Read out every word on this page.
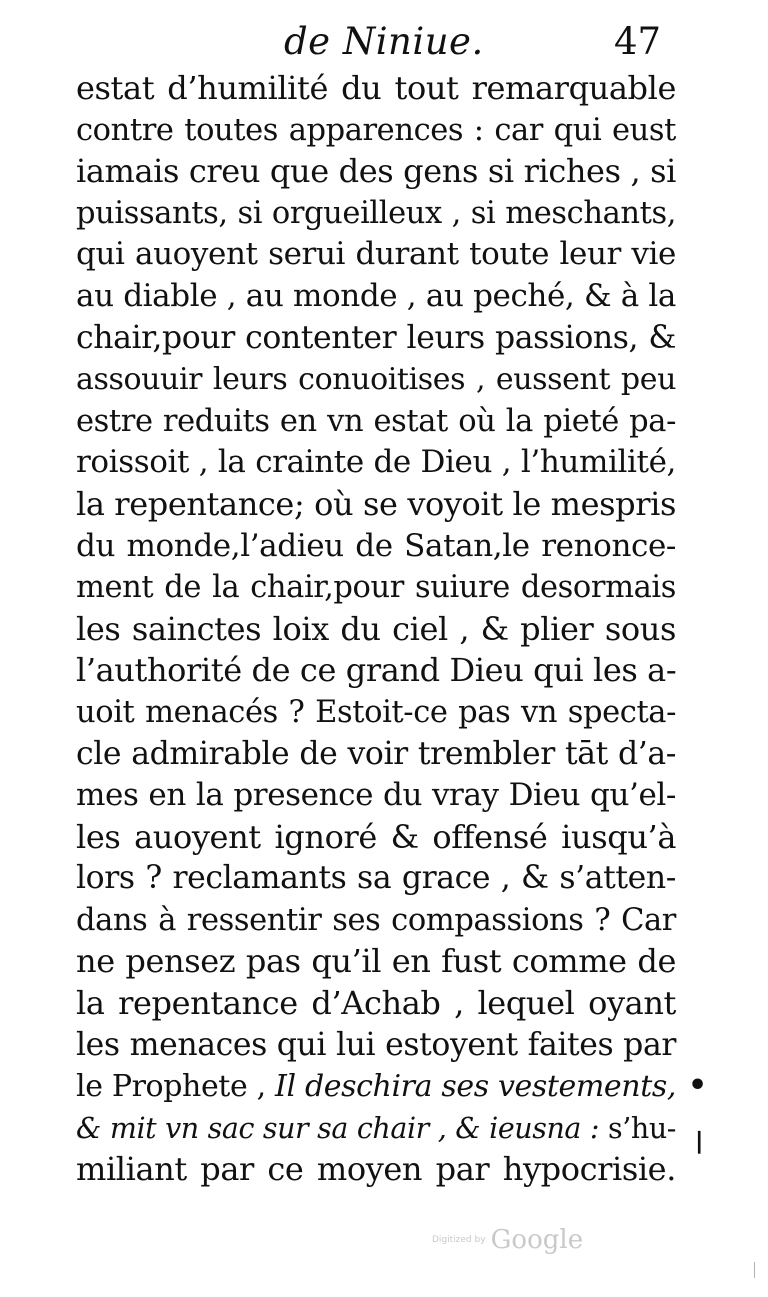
de Niniue.	47
estat d’humilité du tout remarquable
contre toutes apparences : car qui eust
iamais creu que des gens si riches , si
puissants, si orgueilleux , si meschants,
qui auoyent serui durant toute leur vie
au diable , au monde , au peché, & à la
chair,pour contenter leurs passions, &
assouuir leurs conuoitises , eussent peu
estre reduits en vn estat où la pieté pa-
roissoit , la crainte de Dieu , l’humilité,
la repentance; où se voyoit le mespris
du monde,l’adieu de Satan,le renonce-
ment de la chair,pour suiure desormais
les sainctes loix du ciel , & plier sous
l’authorité de ce grand Dieu qui les a-
uoit menacés ? Estoit-ce pas vn specta-
cle admirable de voir trembler tāt d’a-
mes en la presence du vray Dieu qu’el-
les auoyent ignoré & offensé iusqu’à
lors ? reclamants sa grace , & s’atten-
dans à ressentir ses compassions ? Car
ne pensez pas qu’il en fust comme de
la repentance d’Achab , lequel oyant
les menaces qui lui estoyent faites par
le Prophete , Il deschira ses vestements,
& mit vn sac sur sa chair , & ieusna : s’hu-
miliant par ce moyen par hypocrisie.
•
❘
Digitized by Google
